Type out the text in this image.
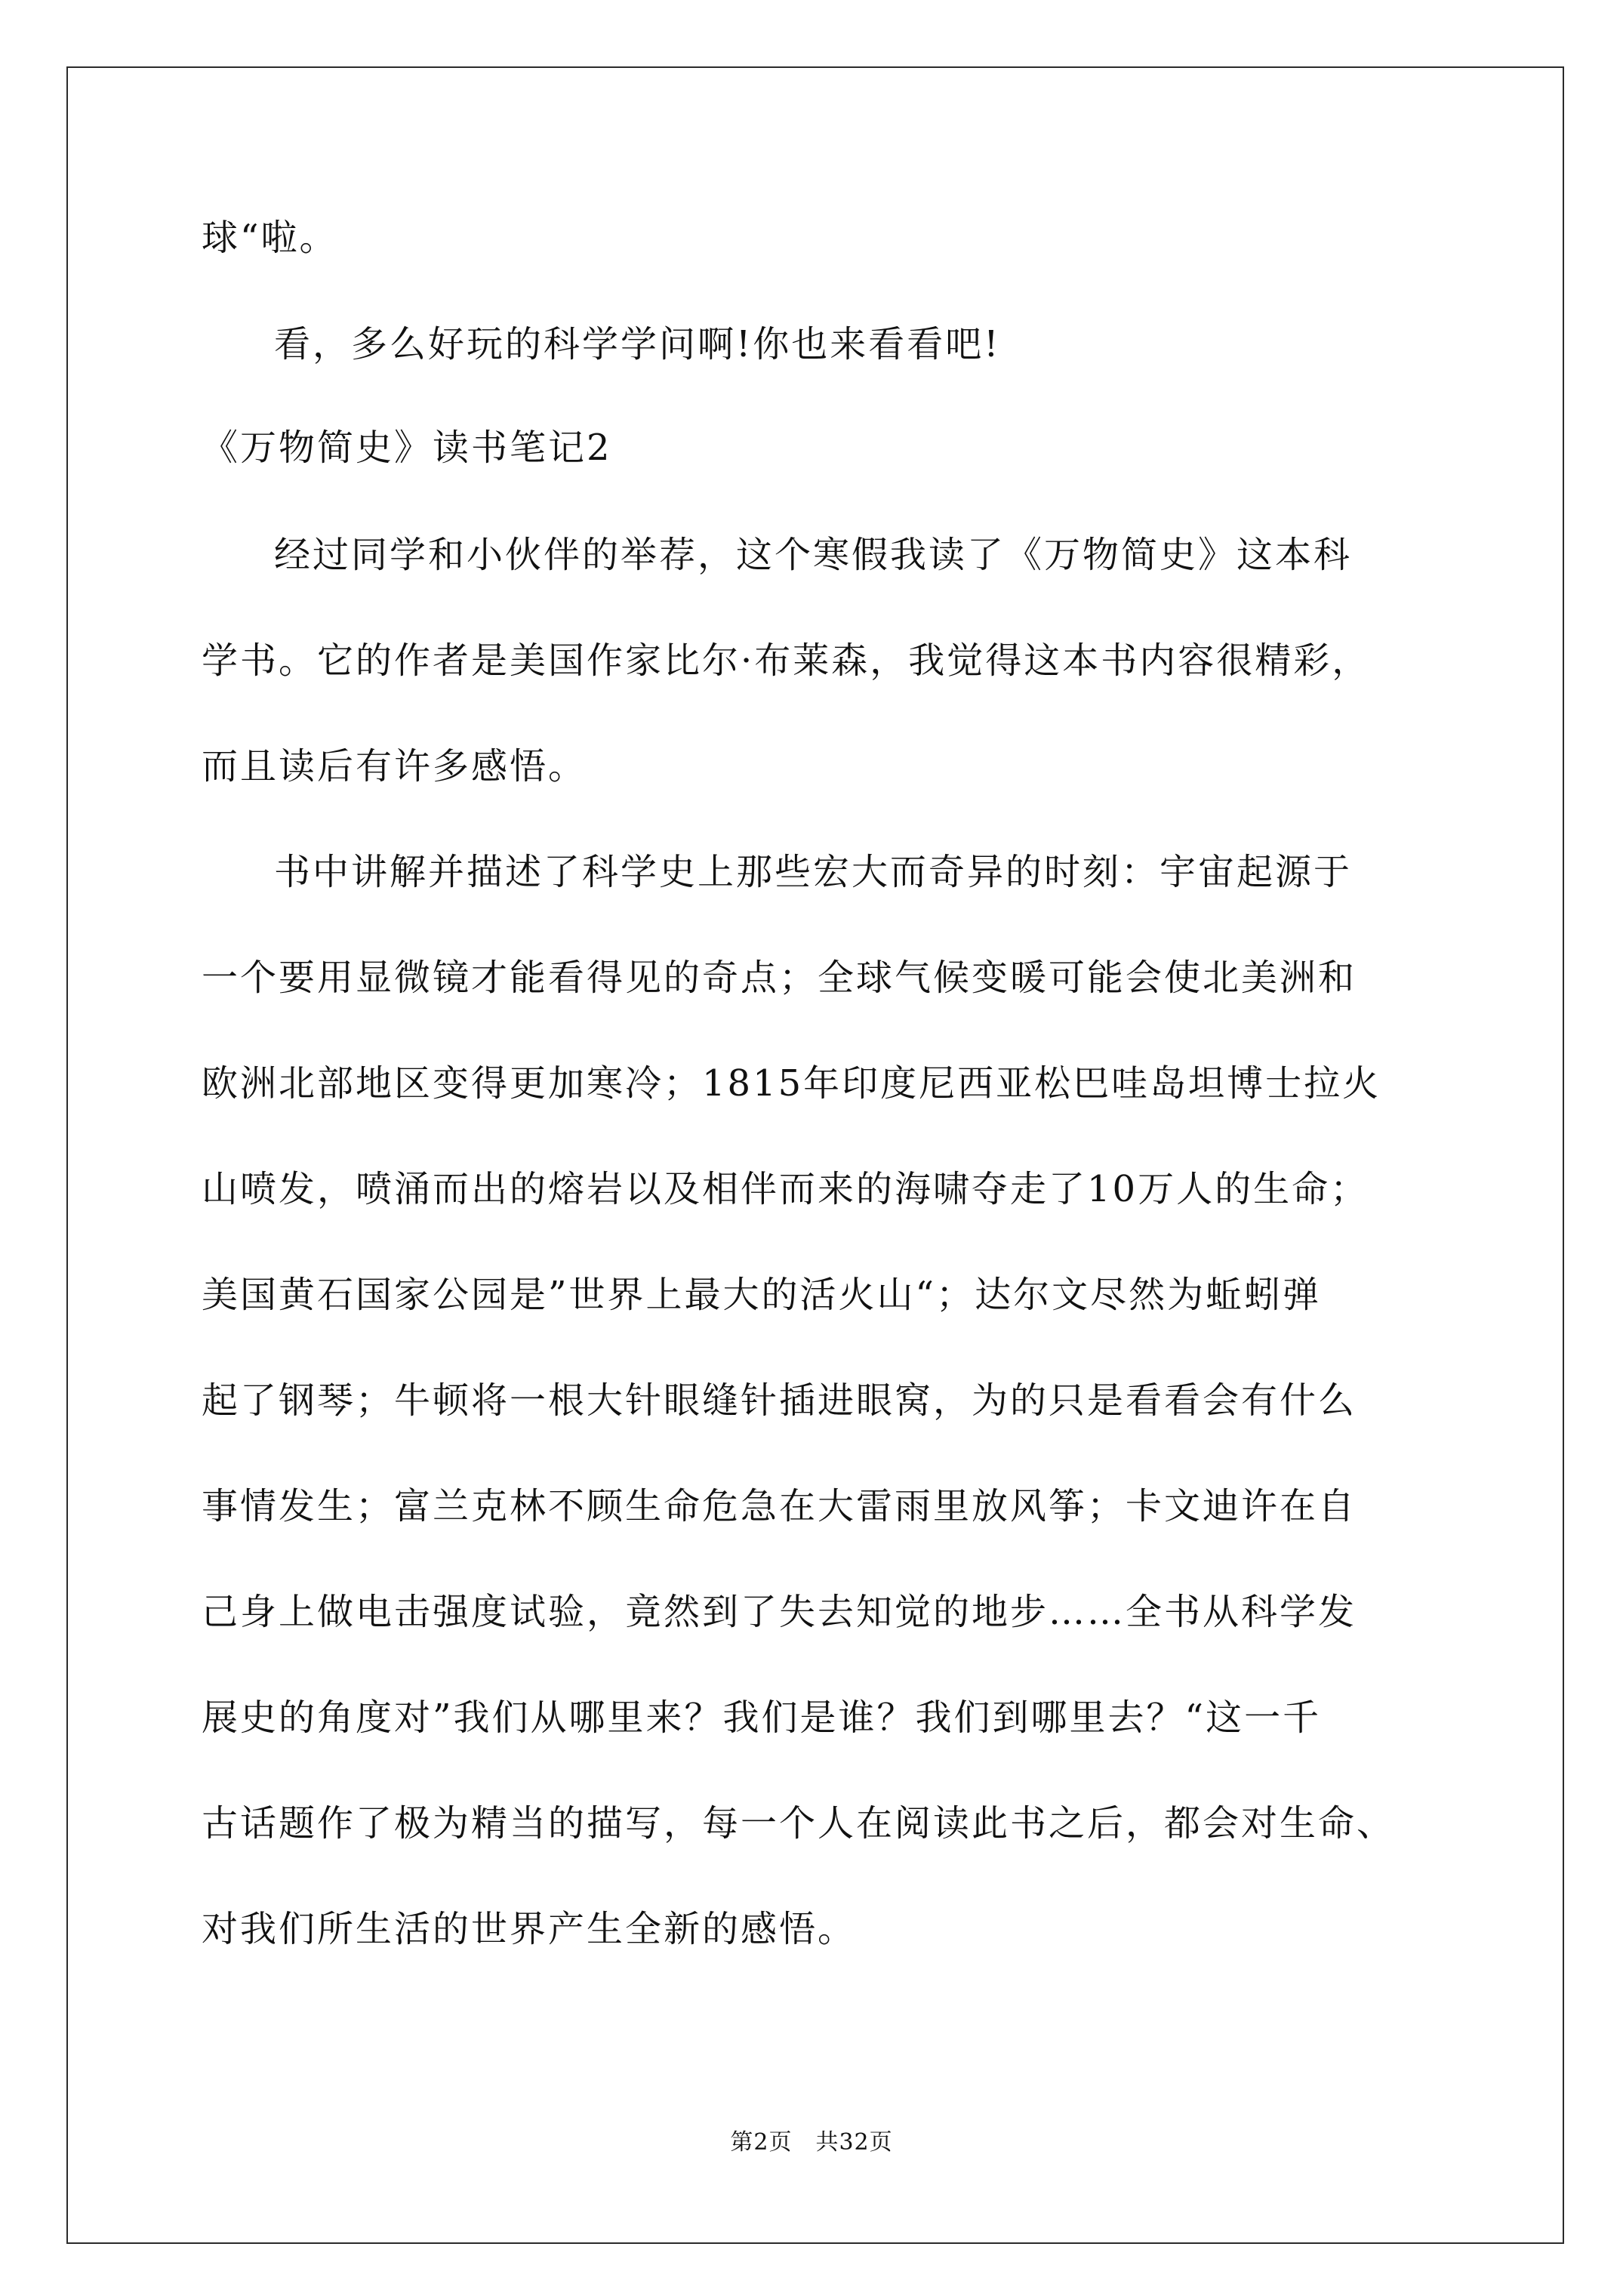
球“啦。
看，多么好玩的科学学问啊!你也来看看吧!
《万物简史》读书笔记2
经过同学和小伙伴的举荐，这个寒假我读了《万物简史》这本科
学书。它的作者是美国作家比尔·布莱森，我觉得这本书内容很精彩，
而且读后有许多感悟。
书中讲解并描述了科学史上那些宏大而奇异的时刻：宇宙起源于
一个要用显微镜才能看得见的奇点；全球气候变暖可能会使北美洲和
欧洲北部地区变得更加寒冷；1815年印度尼西亚松巴哇岛坦博士拉火
山喷发，喷涌而出的熔岩以及相伴而来的海啸夺走了10万人的生命；
美国黄石国家公园是”世界上最大的活火山“；达尔文尽然为蚯蚓弹
起了钢琴；牛顿将一根大针眼缝针插进眼窝，为的只是看看会有什么
事情发生；富兰克林不顾生命危急在大雷雨里放风筝；卡文迪许在自
己身上做电击强度试验，竟然到了失去知觉的地步……全书从科学发
展史的角度对”我们从哪里来？我们是谁？我们到哪里去？“这一千
古话题作了极为精当的描写，每一个人在阅读此书之后，都会对生命、
对我们所生活的世界产生全新的感悟。
第2页　共32页
